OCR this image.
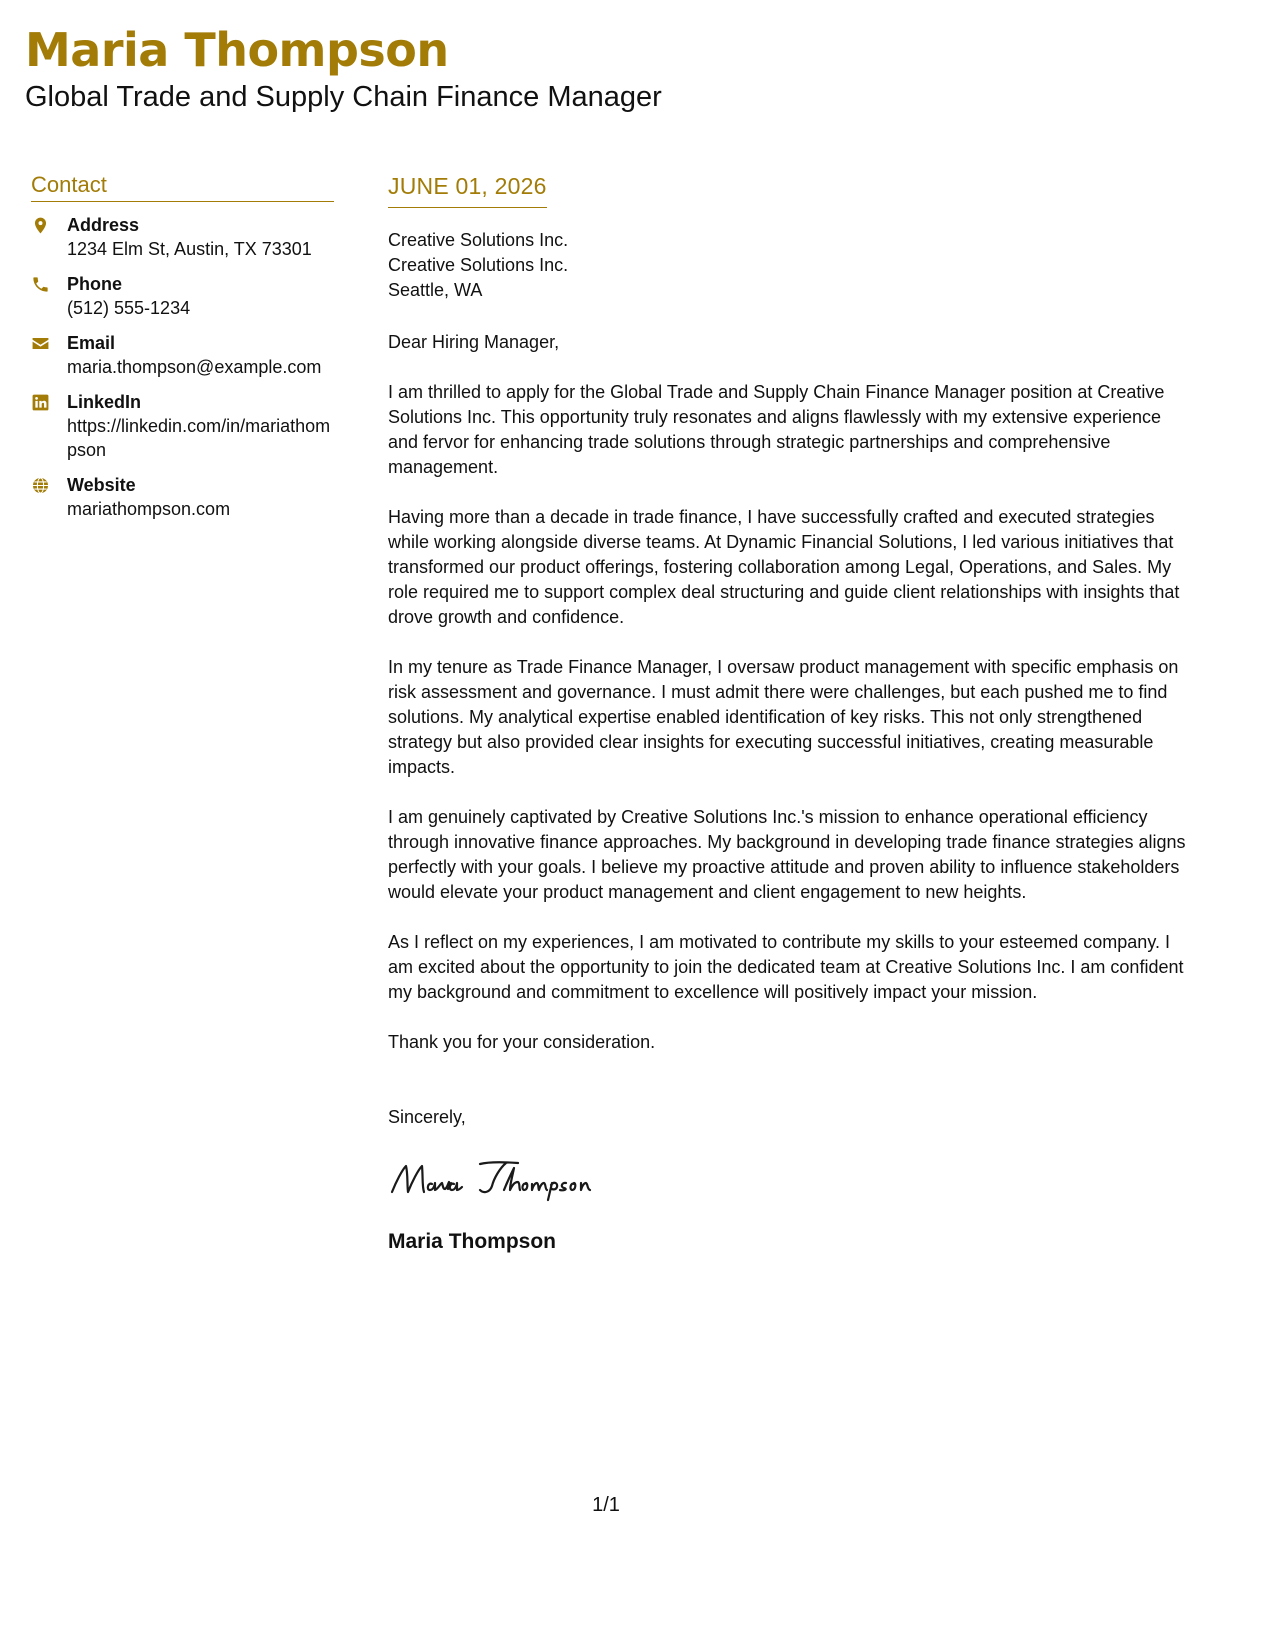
Maria Thompson
Global Trade and Supply Chain Finance Manager
Contact
Address
1234 Elm St, Austin, TX 73301
Phone
(512) 555-1234
Email
maria.thompson@example.com
LinkedIn
https://linkedin.com/in/mariathompson
Website
mariathompson.com
JUNE 01, 2026
Creative Solutions Inc.
Creative Solutions Inc.
Seattle, WA
Dear Hiring Manager,
I am thrilled to apply for the Global Trade and Supply Chain Finance Manager position at Creative Solutions Inc. This opportunity truly resonates and aligns flawlessly with my extensive experience and fervor for enhancing trade solutions through strategic partnerships and comprehensive management.
Having more than a decade in trade finance, I have successfully crafted and executed strategies while working alongside diverse teams. At Dynamic Financial Solutions, I led various initiatives that transformed our product offerings, fostering collaboration among Legal, Operations, and Sales. My role required me to support complex deal structuring and guide client relationships with insights that drove growth and confidence.
In my tenure as Trade Finance Manager, I oversaw product management with specific emphasis on risk assessment and governance. I must admit there were challenges, but each pushed me to find solutions. My analytical expertise enabled identification of key risks. This not only strengthened strategy but also provided clear insights for executing successful initiatives, creating measurable impacts.
I am genuinely captivated by Creative Solutions Inc.'s mission to enhance operational efficiency through innovative finance approaches. My background in developing trade finance strategies aligns perfectly with your goals. I believe my proactive attitude and proven ability to influence stakeholders would elevate your product management and client engagement to new heights.
As I reflect on my experiences, I am motivated to contribute my skills to your esteemed company. I am excited about the opportunity to join the dedicated team at Creative Solutions Inc. I am confident my background and commitment to excellence will positively impact your mission.
Thank you for your consideration.
Sincerely,
Maria Thompson
1/1
